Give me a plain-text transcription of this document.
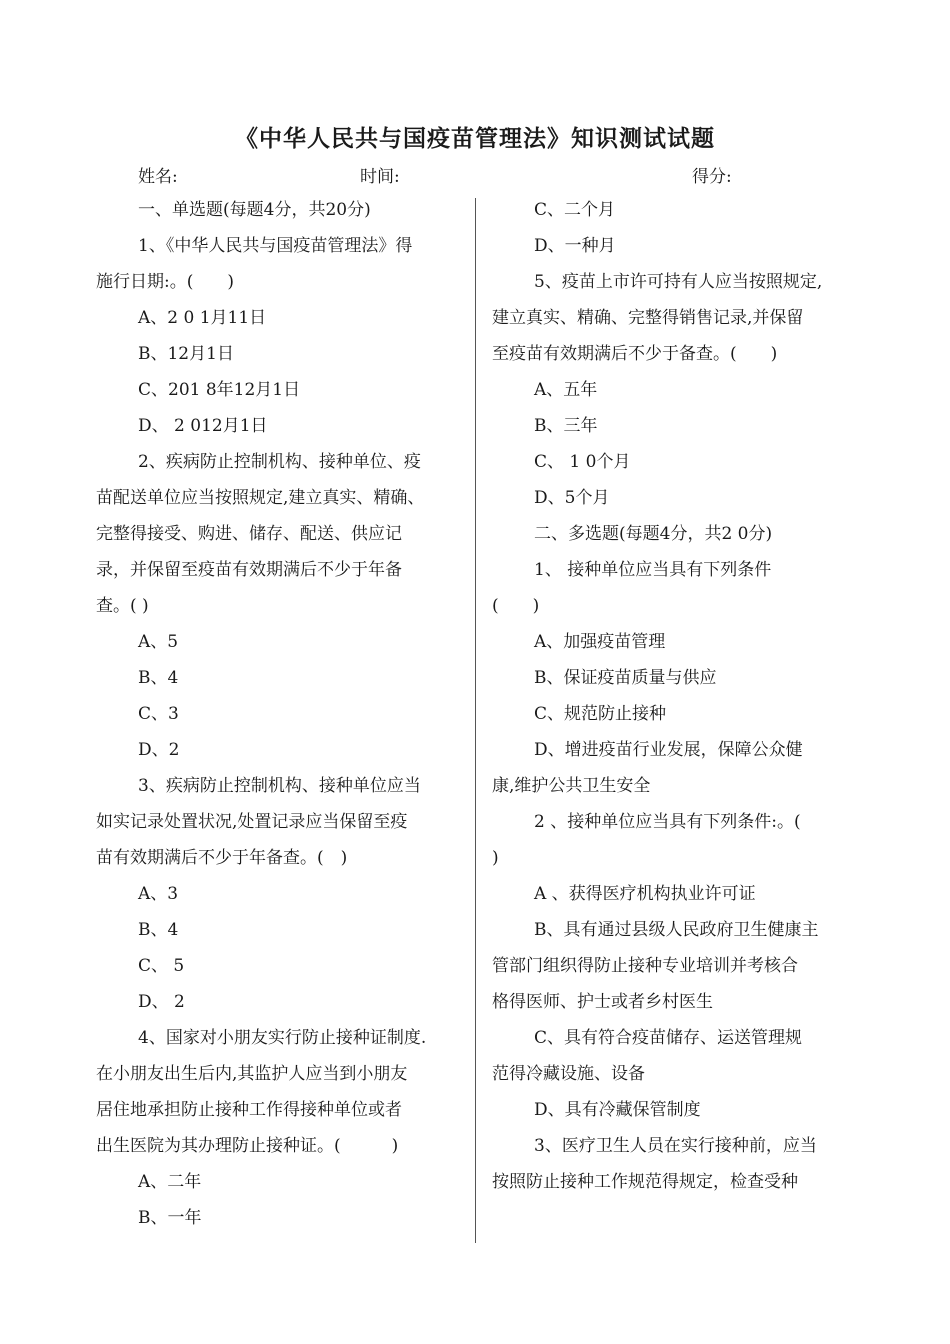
《中华人民共与国疫苗管理法》知识测试试题
姓名:	时间:	得分:

一、单选题(每题4分，共20分)

1、《中华人民共与国疫苗管理法》得

施行日期:。(　　)

A、2 0 1月11日

B、12月1日

C、201 8年12月1日

D、 2 012月1日

2、疾病防止控制机构、接种单位、疫

苗配送单位应当按照规定,建立真实、精确、

完整得接受、购进、储存、配送、供应记

录，并保留至疫苗有效期满后不少于年备

查。( )

A、5

B、4

C、3

D、2

3、疾病防止控制机构、接种单位应当

如实记录处置状况,处置记录应当保留至疫

苗有效期满后不少于年备查。(　)

A、3

B、4

C、 5

D、 2

4、国家对小朋友实行防止接种证制度.

在小朋友出生后内,其监护人应当到小朋友

居住地承担防止接种工作得接种单位或者

出生医院为其办理防止接种证。(　　　)

A、二年

B、一年

C、二个月

D、一种月

5、疫苗上市许可持有人应当按照规定,

建立真实、精确、完整得销售记录,并保留

至疫苗有效期满后不少于备查。(　　)

A、五年

B、三年

C、 1 0个月

D、5个月

二、多选题(每题4分，共2 0分)

1、 接种单位应当具有下列条件

(　　)

A、加强疫苗管理

B、保证疫苗质量与供应

C、规范防止接种

D、增进疫苗行业发展，保障公众健

康,维护公共卫生安全

2 、接种单位应当具有下列条件:。(

)

A 、获得医疗机构执业许可证

B、具有通过县级人民政府卫生健康主

管部门组织得防止接种专业培训并考核合

格得医师、护士或者乡村医生

C、具有符合疫苗储存、运送管理规

范得冷藏设施、设备

D、具有冷藏保管制度

3、医疗卫生人员在实行接种前，应当

按照防止接种工作规范得规定，检查受种
